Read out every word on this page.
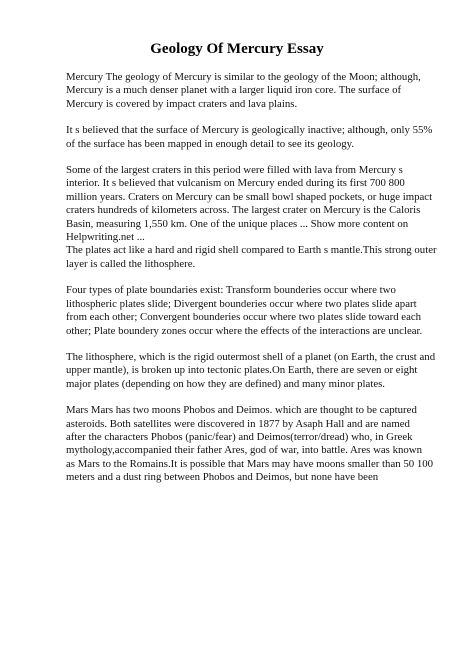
Geology Of Mercury Essay
Mercury The geology of Mercury is similar to the geology of the Moon; although,
Mercury is a much denser planet with a larger liquid iron core. The surface of
Mercury is covered by impact craters and lava plains.
It s believed that the surface of Mercury is geologically inactive; although, only 55%
of the surface has been mapped in enough detail to see its geology.
Some of the largest craters in this period were filled with lava from Mercury s
interior. It s believed that vulcanism on Mercury ended during its first 700 800
million years. Craters on Mercury can be small bowl shaped pockets, or huge impact
craters hundreds of kilometers across. The largest crater on Mercury is the Caloris
Basin, measuring 1,550 km. One of the unique places ... Show more content on
Helpwriting.net ...
The plates act like a hard and rigid shell compared to Earth s mantle.This strong outer
layer is called the lithosphere.
Four types of plate boundaries exist: Transform bounderies occur where two
lithospheric plates slide; Divergent bounderies occur where two plates slide apart
from each other; Convergent bounderies occur where two plates slide toward each
other; Plate boundery zones occur where the effects of the interactions are unclear.
The lithosphere, which is the rigid outermost shell of a planet (on Earth, the crust and
upper mantle), is broken up into tectonic plates.On Earth, there are seven or eight
major plates (depending on how they are defined) and many minor plates.
Mars Mars has two moons Phobos and Deimos. which are thought to be captured
asteroids. Both satellites were discovered in 1877 by Asaph Hall and are named
after the characters Phobos (panic/fear) and Deimos(terror/dread) who, in Greek
mythology,accompanied their father Ares, god of war, into battle. Ares was known
as Mars to the Romains.It is possible that Mars may have moons smaller than 50 100
meters and a dust ring between Phobos and Deimos, but none have been
